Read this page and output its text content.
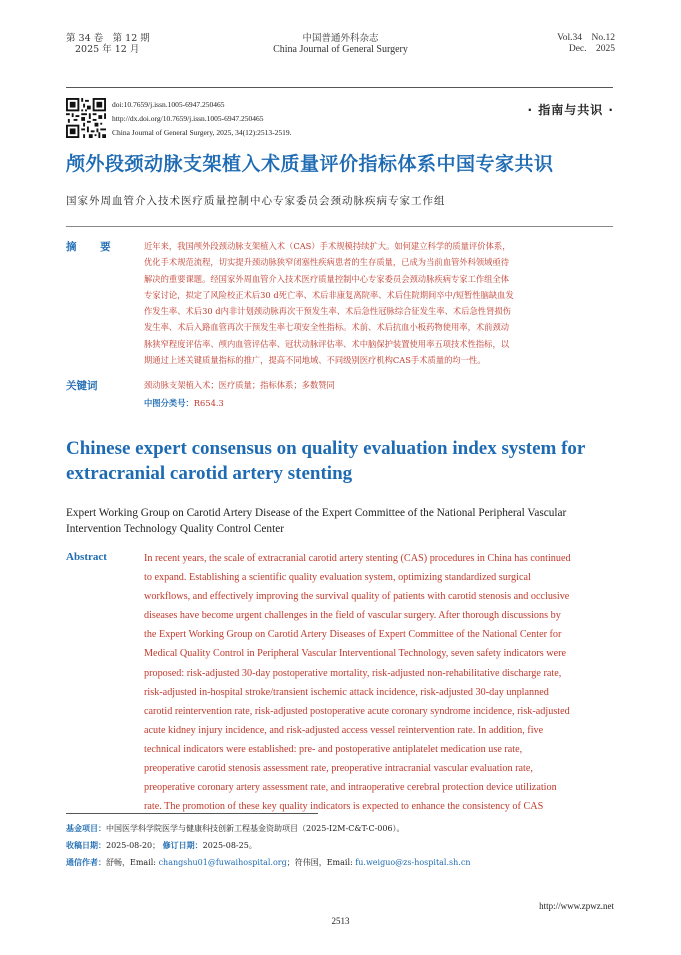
第 34 卷　第 12 期
2025 年 12 月
中国普通外科杂志
China Journal of General Surgery
Vol.34　No.12
Dec.　2025
doi:10.7659/j.issn.1005-6947.250465
http://dx.doi.org/10.7659/j.issn.1005-6947.250465
China Journal of General Surgery, 2025, 34(12):2513-2519.
· 指南与共识 ·
颅外段颈动脉支架植入术质量评价指标体系中国专家共识
国家外周血管介入技术医疗质量控制中心专家委员会颈动脉疾病专家工作组
摘 要	近年来，我国颅外段颈动脉支架植入术（CAS）手术规模持续扩大。如何建立科学的质量评价体系，
优化手术规范流程，切实提升颈动脉狭窄闭塞性疾病患者的生存质量，已成为当前血管外科领域亟待
解决的重要课题。经国家外周血管介入技术医疗质量控制中心专家委员会颈动脉疾病专家工作组全体
专家讨论，拟定了风险校正术后30 d死亡率、术后非康复离院率、术后住院期间卒中/短暂性脑缺血发
作发生率、术后30 d内非计划颈动脉再次干预发生率、术后急性冠脉综合征发生率、术后急性肾损伤
发生率、术后入路血管再次干预发生率七项安全性指标。术前、术后抗血小板药物使用率，术前颈动
脉狭窄程度评估率、颅内血管评估率、冠状动脉评估率、术中脑保护装置使用率五项技术性指标，以
期通过上述关键质量指标的推广，提高不同地域、不同级别医疗机构CAS手术质量的均一性。
关键词	颈动脉支架植入术；医疗质量；指标体系；多数赞同
中图分类号：R654.3
Chinese expert consensus on quality evaluation index system for
extracranial carotid artery stenting
Expert Working Group on Carotid Artery Disease of the Expert Committee of the National Peripheral Vascular
Intervention Technology Quality Control Center
Abstract	In recent years, the scale of extracranial carotid artery stenting (CAS) procedures in China has continued
to expand. Establishing a scientific quality evaluation system, optimizing standardized surgical
workflows, and effectively improving the survival quality of patients with carotid stenosis and occlusive
diseases have become urgent challenges in the field of vascular surgery. After thorough discussions by
the Expert Working Group on Carotid Artery Diseases of Expert Committee of the National Center for
Medical Quality Control in Peripheral Vascular Interventional Technology, seven safety indicators were
proposed: risk-adjusted 30-day postoperative mortality, risk-adjusted non-rehabilitative discharge rate,
risk-adjusted in-hospital stroke/transient ischemic attack incidence, risk-adjusted 30-day unplanned
carotid reintervention rate, risk-adjusted postoperative acute coronary syndrome incidence, risk-adjusted
acute kidney injury incidence, and risk-adjusted access vessel reintervention rate. In addition, five
technical indicators were established: pre- and postoperative antiplatelet medication use rate,
preoperative carotid stenosis assessment rate, preoperative intracranial vascular evaluation rate,
preoperative coronary artery assessment rate, and intraoperative cerebral protection device utilization
rate. The promotion of these key quality indicators is expected to enhance the consistency of CAS
基金项目：中国医学科学院医学与健康科技创新工程基金资助项目（2025-I2M-C&T-C-006）。
收稿日期：2025-08-20； 修订日期：2025-08-25。
通信作者：舒畅，Email: changshu01@fuwaihospital.org；符伟国，Email: fu.weiguo@zs-hospital.sh.cn
http://www.zpwz.net
2513
